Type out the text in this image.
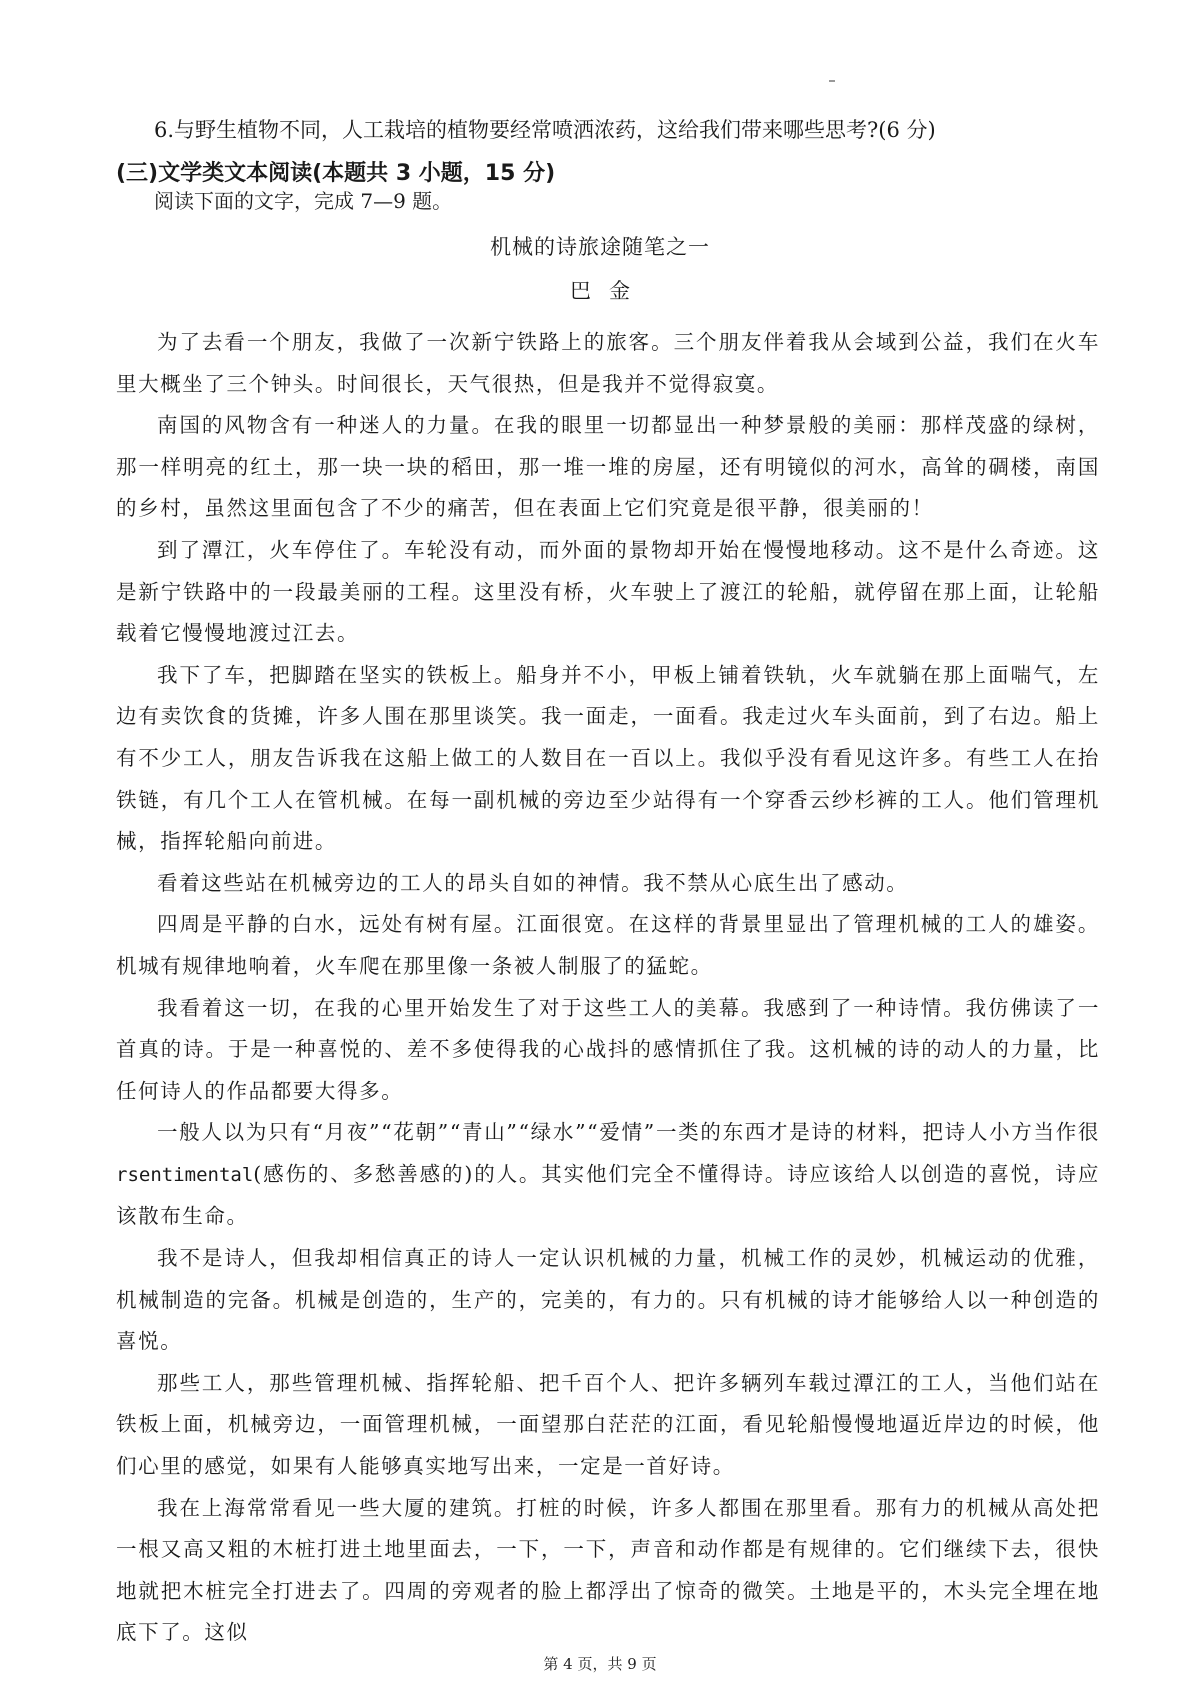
6.与野生植物不同，人工栽培的植物要经常喷洒浓药，这给我们带来哪些思考?(6 分)
(三)文学类文本阅读(本题共 3 小题，15 分)
阅读下面的文字，完成 7—9 题。
机械的诗旅途随笔之一
巴金

为了去看一个朋友，我做了一次新宁铁路上的旅客。三个朋友伴着我从会域到公益，我们在火车里大概坐了三个钟头。时间很长，天气很热，但是我并不觉得寂寞。

南国的风物含有一种迷人的力量。在我的眼里一切都显出一种梦景般的美丽：那样茂盛的绿树，那一样明亮的红土，那一块一块的稻田，那一堆一堆的房屋，还有明镜似的河水，高耸的碉楼，南国的乡村，虽然这里面包含了不少的痛苦，但在表面上它们究竟是很平静，很美丽的！

到了潭江，火车停住了。车轮没有动，而外面的景物却开始在慢慢地移动。这不是什么奇迹。这是新宁铁路中的一段最美丽的工程。这里没有桥，火车驶上了渡江的轮船，就停留在那上面，让轮船载着它慢慢地渡过江去。

我下了车，把脚踏在坚实的铁板上。船身并不小，甲板上铺着铁轨，火车就躺在那上面喘气，左边有卖饮食的货摊，许多人围在那里谈笑。我一面走，一面看。我走过火车头面前，到了右边。船上有不少工人，朋友告诉我在这船上做工的人数目在一百以上。我似乎没有看见这许多。有些工人在抬铁链，有几个工人在管机械。在每一副机械的旁边至少站得有一个穿香云纱杉裤的工人。他们管理机械，指挥轮船向前进。

看着这些站在机械旁边的工人的昂头自如的神情。我不禁从心底生出了感动。

四周是平静的白水，远处有树有屋。江面很宽。在这样的背景里显出了管理机械的工人的雄姿。机城有规律地响着，火车爬在那里像一条被人制服了的猛蛇。

我看着这一切，在我的心里开始发生了对于这些工人的美幕。我感到了一种诗情。我仿佛读了一首真的诗。于是一种喜悦的、差不多使得我的心战抖的感情抓住了我。这机械的诗的动人的力量，比任何诗人的作品都要大得多。

一般人以为只有“月夜”“花朝”“青山”“绿水”“爱情”一类的东西才是诗的材料，把诗人小方当作很 rsentimental(感伤的、多愁善感的)的人。其实他们完全不懂得诗。诗应该给人以创造的喜悦，诗应该散布生命。

我不是诗人，但我却相信真正的诗人一定认识机械的力量，机械工作的灵妙，机械运动的优雅，机械制造的完备。机械是创造的，生产的，完美的，有力的。只有机械的诗才能够给人以一种创造的喜悦。

那些工人，那些管理机械、指挥轮船、把千百个人、把许多辆列车载过潭江的工人，当他们站在铁板上面，机械旁边，一面管理机械，一面望那白茫茫的江面，看见轮船慢慢地逼近岸边的时候，他们心里的感觉，如果有人能够真实地写出来，一定是一首好诗。

我在上海常常看见一些大厦的建筑。打桩的时候，许多人都围在那里看。那有力的机械从高处把一根又高又粗的木桩打进土地里面去，一下，一下，声音和动作都是有规律的。它们继续下去，很快地就把木桩完全打进去了。四周的旁观者的脸上都浮出了惊奇的微笑。土地是平的，木头完全埋在地底下了。这似

第 4 页，共 9 页
